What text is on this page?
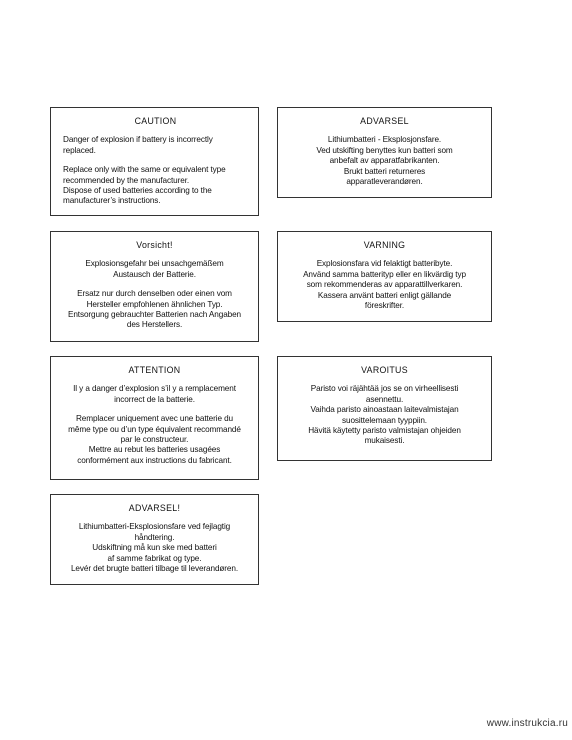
CAUTION
Danger of explosion if battery is incorrectly
replaced.
Replace only with the same or equivalent type
recommended by the manufacturer.
Dispose of used batteries according to the
manufacturer’s instructions.
ADVARSEL
Lithiumbatteri - Eksplosjonsfare.
Ved utskifting benyttes kun batteri som
anbefalt av apparatfabrikanten.
Brukt batteri returneres
apparatleverandøren.
Vorsicht!
Explosionsgefahr bei unsachgemäßem
Austausch der Batterie.
Ersatz nur durch denselben oder einen vom
Hersteller empfohlenen ähnlichen Typ.
Entsorgung gebrauchter Batterien nach Angaben
des Herstellers.
VARNING
Explosionsfara vid felaktigt batteribyte.
Använd samma batterityp eller en likvärdig typ
som rekommenderas av apparattillverkaren.
Kassera använt batteri enligt gällande
föreskrifter.
ATTENTION
Il y a danger d’explosion s’il y a remplacement
incorrect de la batterie.
Remplacer uniquement avec une batterie du
même type ou d’un type équivalent recommandé
par le constructeur.
Mettre au rebut les batteries usagées
conformément aux instructions du fabricant.
VAROITUS
Paristo voi räjähtää jos se on virheellisesti
asennettu.
Vaihda paristo ainoastaan laitevalmistajan
suosittelemaan tyyppiin.
Hävitä käytetty paristo valmistajan ohjeiden
mukaisesti.
ADVARSEL!
Lithiumbatteri-Eksplosionsfare ved fejlagtig
håndtering.
Udskiftning må kun ske med batteri
af samme fabrikat og type.
Levér det brugte batteri tilbage til leverandøren.
www.instrukcia.ru
